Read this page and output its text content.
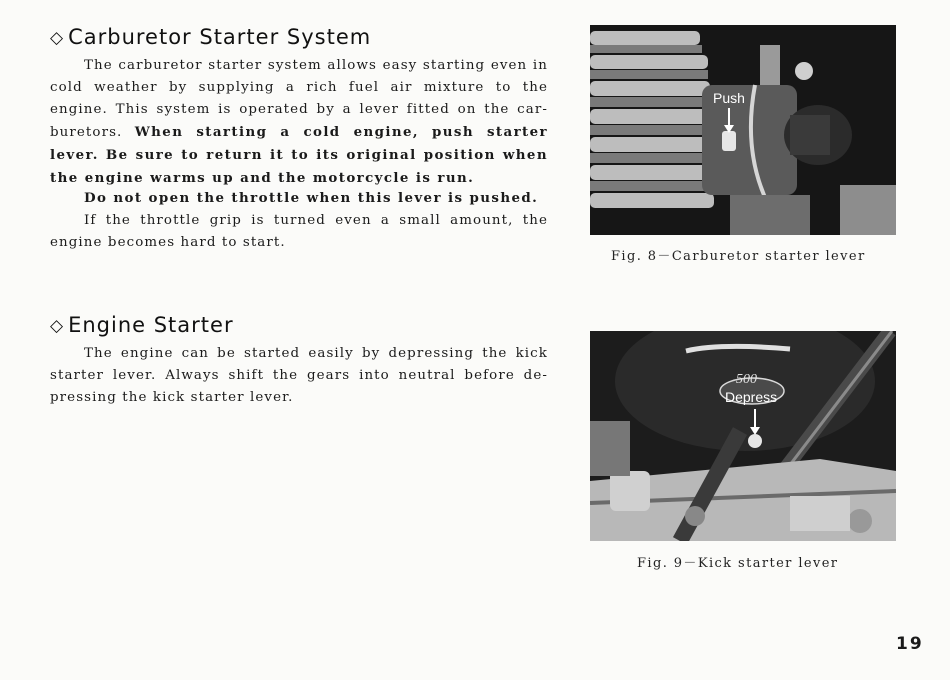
◇ Carburetor Starter System

The carburetor starter system allows easy starting even in cold weather by supplying a rich fuel air mixture to the engine. This system is operated by a lever fitted on the car-buretors. When starting a cold engine, push starter lever. Be sure to return it to its original position when the engine warms up and the motorcycle is run.

Do not open the throttle when this lever is pushed.

If the throttle grip is turned even a small amount, the engine becomes hard to start.

Push
Fig. 8－Carburetor starter lever
◇ Engine Starter

The engine can be started easily by depressing the kick starter lever. Always shift the gears into neutral before de-pressing the kick starter lever.

500
Depress
Fig. 9－Kick starter lever
19
